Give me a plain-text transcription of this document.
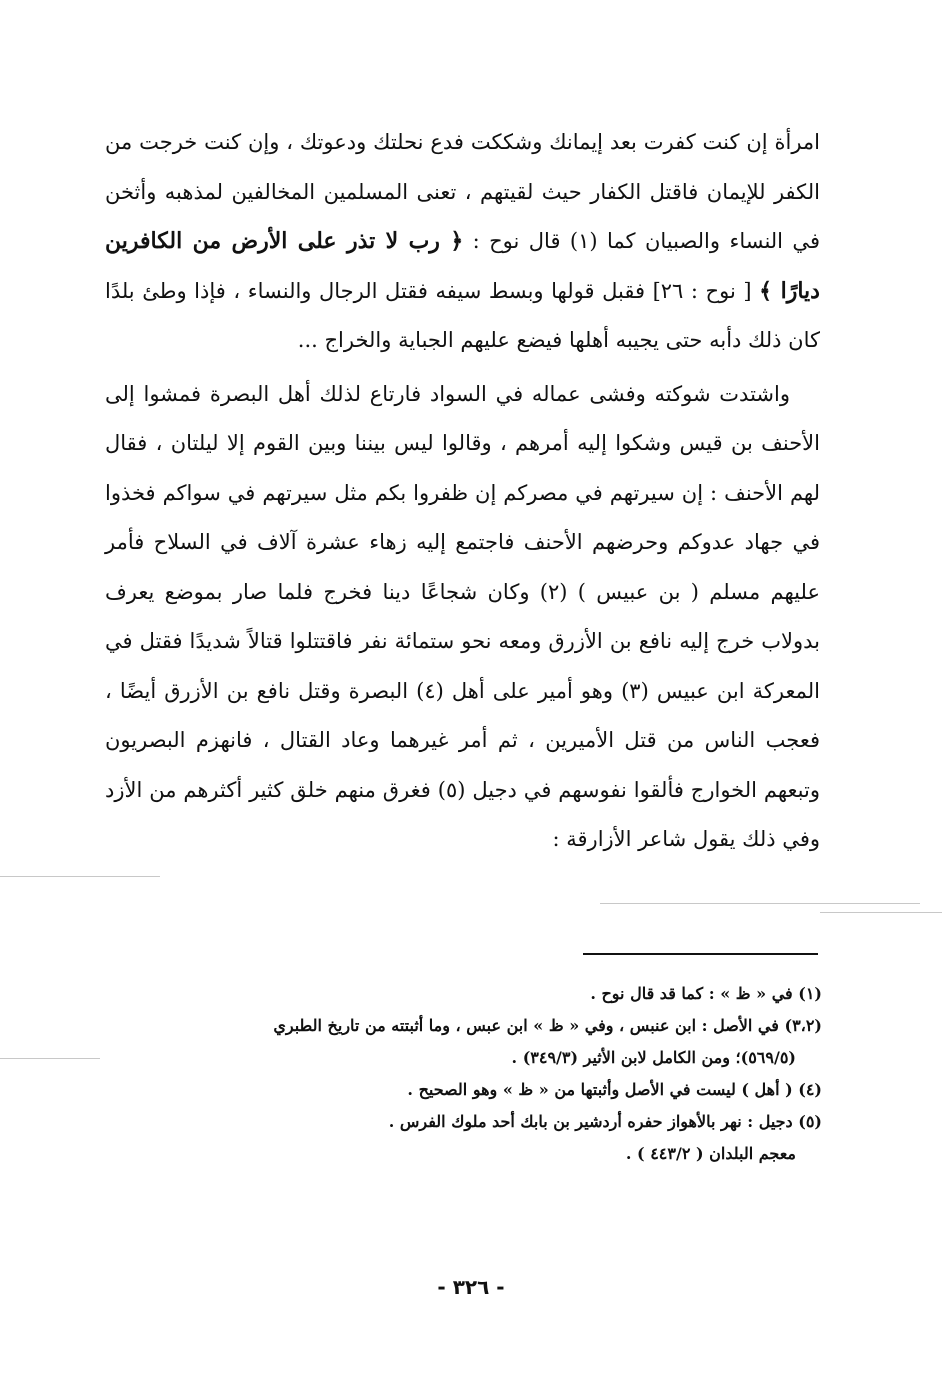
امرأة إن كنت كفرت بعد إيمانك وشككت فدع نحلتك ودعوتك ، وإن كنت خرجت من الكفر للإيمان فاقتل الكفار حيث لقيتهم ، تعنى المسلمين المخالفين لمذهبه وأثخن في النساء والصبيان كما (١) قال نوح : ﴿ رب لا تذر على الأرض من الكافرين ديارًا ﴾ [ نوح : ٢٦] فقبل قولها وبسط سيفه فقتل الرجال والنساء ، فإذا وطئ بلدًا كان ذلك دأبه حتى يجيبه أهلها فيضع عليهم الجباية والخراج ...

واشتدت شوكته وفشى عماله في السواد فارتاع لذلك أهل البصرة فمشوا إلى الأحنف بن قيس وشكوا إليه أمرهم ، وقالوا ليس بيننا وبين القوم إلا ليلتان ، فقال لهم الأحنف : إن سيرتهم في مصركم إن ظفروا بكم مثل سيرتهم في سواكم فخذوا في جهاد عدوكم وحرضهم الأحنف فاجتمع إليه زهاء عشرة آلاف في السلاح فأمر عليهم مسلم ( بن عبيس ) (٢) وكان شجاعًا دينا فخرج فلما صار بموضع يعرف بدولاب خرج إليه نافع بن الأزرق ومعه نحو ستمائة نفر فاقتتلوا قتالاً شديدًا فقتل في المعركة ابن عبيس (٣) وهو أمير على أهل (٤) البصرة وقتل نافع بن الأزرق أيضًا ، فعجب الناس من قتل الأميرين ، ثم أمر غيرهما وعاد القتال ، فانهزم البصريون وتبعهم الخوارج فألقوا نفوسهم في دجيل (٥) فغرق منهم خلق كثير أكثرهم من الأزد وفي ذلك يقول شاعر الأزارقة :

(١) في « ظ » : كما قد قال نوح .

(٣،٢) في الأصل : ابن عنبس ، وفي « ظ » ابن عبس ، وما أثبتته من تاريخ الطبري

(٥٦٩/٥)؛ ومن الكامل لابن الأثير (٣٤٩/٣) .

(٤) ( أهل ) ليست في الأصل وأثبتها من « ظ » وهو الصحيح .

(٥) دجيل : نهر بالأهواز حفره أردشير بن بابك أحد ملوك الفرس .

معجم البلدان ( ٤٤٣/٢ ) .

- ٣٢٦ -
